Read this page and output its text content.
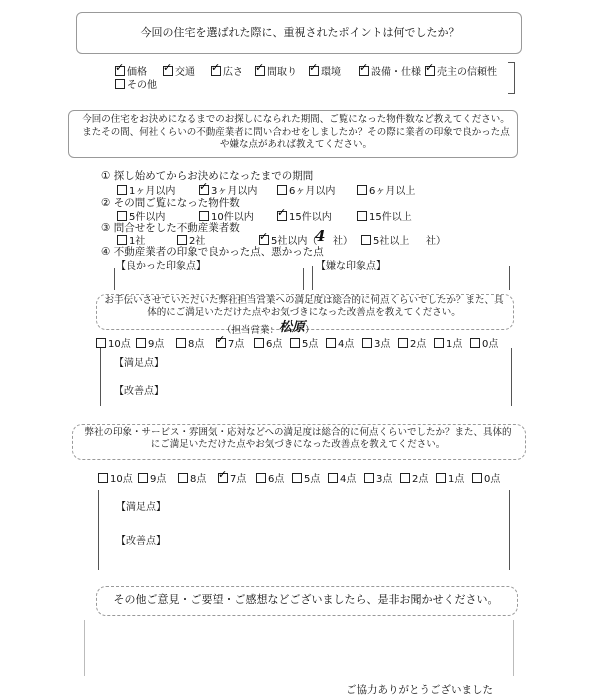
今回の住宅を選ばれた際に、重視されたポイントは何でしたか？
✓価格 ✓	交通 ✓	広さ ✓	間取り ✓	環境 ✓	設備・仕様 ✓	売主の信頼性
その他
今回の住宅をお決めになるまでのお探しになられた期間、ご覧になった物件数など教えてください。またその間、何社くらいの不動産業者に問い合わせをしましたか？その際に業者の印象で良かった点や嫌な点があれば教えてください。
① 探し始めてからお決めになったまでの期間
1ヶ月以内 ✓	3ヶ月以内	6ヶ月以内	6ヶ月以上
② その間ご覧になった物件数
5件以内	10件以内 ✓	15件以内	15件以上
③ 問合せをした不動産業者数
1社	2社 ✓	5社以内（
4 社）	5社以上 社）
④ 不動産業者の印象で良かった点、悪かった点
【良かった印象点】	【嫌な印象点】
お手伝いさせていただいた弊社担当営業への満足度は総合的に何点くらいでしたか？また、具体的にご満足いただけた点やお気づきになった改善点を教えてください。
（担当営業：松原）
10点	9点	8点 ✓	7点	6点	5点	4点	3点	2点	1点	0点
【満足点】
【改善点】
弊社の印象・サービス・雰囲気・応対などへの満足度は総合的に何点くらいでしたか？また、具体的にご満足いただけた点やお気づきになった改善点を教えてください。
10点	9点	8点 ✓	7点	6点	5点	4点	3点	2点	1点	0点
【満足点】
【改善点】
その他ご意見・ご要望・ご感想などございましたら、是非お聞かせください。
ご協力ありがとうございました
